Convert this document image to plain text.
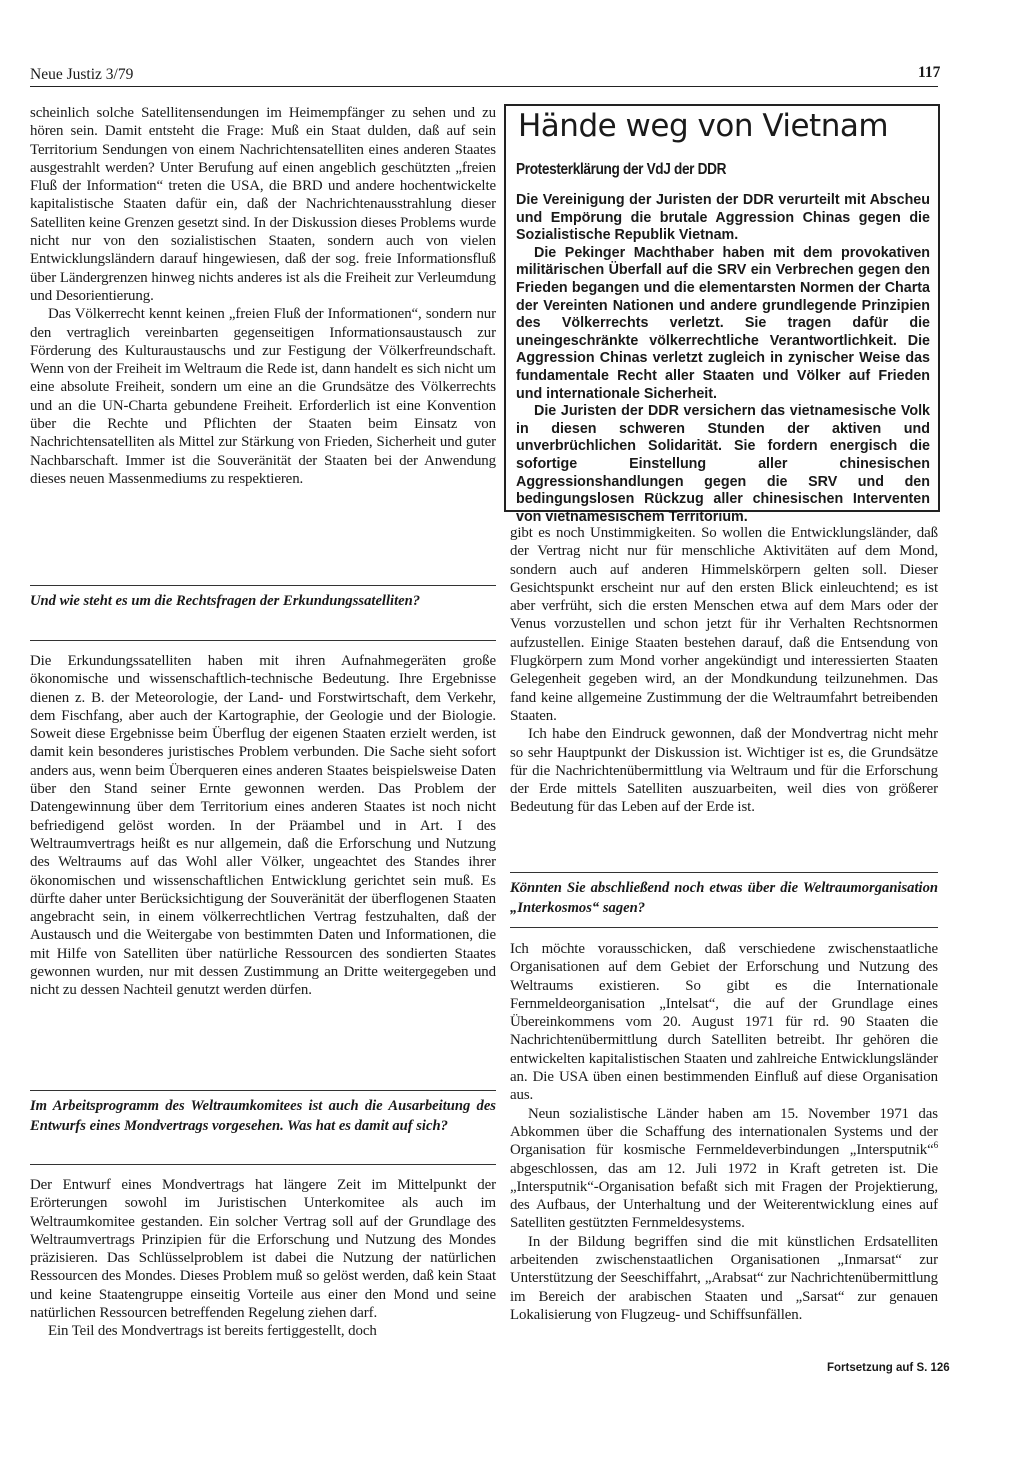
Neue Justiz 3/79	117

scheinlich solche Satellitensendungen im Heimempfänger zu sehen und zu hören sein. Damit entsteht die Frage: Muß ein Staat dulden, daß auf sein Territorium Sendungen von einem Nachrichtensatelliten eines anderen Staates ausgestrahlt werden? Unter Berufung auf einen angeblich geschützten „freien Fluß der Information“ treten die USA, die BRD und andere hochentwickelte kapitalistische Staaten dafür ein, daß der Nachrichtenausstrahlung dieser Satelliten keine Grenzen gesetzt sind. In der Diskussion dieses Problems wurde nicht nur von den sozialistischen Staaten, sondern auch von vielen Entwicklungsländern darauf hingewiesen, daß der sog. freie Informationsfluß über Ländergrenzen hinweg nichts anderes ist als die Freiheit zur Verleumdung und Desorientierung.

Das Völkerrecht kennt keinen „freien Fluß der Informationen“, sondern nur den vertraglich vereinbarten gegenseitigen Informationsaustausch zur Förderung des Kulturaustauschs und zur Festigung der Völkerfreundschaft. Wenn von der Freiheit im Weltraum die Rede ist, dann handelt es sich nicht um eine absolute Freiheit, sondern um eine an die Grundsätze des Völkerrechts und an die UN-Charta gebundene Freiheit. Erforderlich ist eine Konvention über die Rechte und Pflichten der Staaten beim Einsatz von Nachrichtensatelliten als Mittel zur Stärkung von Frieden, Sicherheit und guter Nachbarschaft. Immer ist die Souveränität der Staaten bei der Anwendung dieses neuen Massenmediums zu respektieren.

Und wie steht es um die Rechtsfragen der Erkundungssatelliten?

Die Erkundungssatelliten haben mit ihren Aufnahmegeräten große ökonomische und wissenschaftlich-technische Bedeutung. Ihre Ergebnisse dienen z. B. der Meteorologie, der Land- und Forstwirtschaft, dem Verkehr, dem Fischfang, aber auch der Kartographie, der Geologie und der Biologie. Soweit diese Ergebnisse beim Überflug der eigenen Staaten erzielt werden, ist damit kein besonderes juristisches Problem verbunden. Die Sache sieht sofort anders aus, wenn beim Überqueren eines anderen Staates beispielsweise Daten über den Stand seiner Ernte gewonnen werden. Das Problem der Datengewinnung über dem Territorium eines anderen Staates ist noch nicht befriedigend gelöst worden. In der Präambel und in Art. I des Weltraumvertrags heißt es nur allgemein, daß die Erforschung und Nutzung des Weltraums auf das Wohl aller Völker, ungeachtet des Standes ihrer ökonomischen und wissenschaftlichen Entwicklung gerichtet sein muß. Es dürfte daher unter Berücksichtigung der Souveränität der überflogenen Staaten angebracht sein, in einem völkerrechtlichen Vertrag festzuhalten, daß der Austausch und die Weitergabe von bestimmten Daten und Informationen, die mit Hilfe von Satelliten über natürliche Ressourcen des sondierten Staates gewonnen wurden, nur mit dessen Zustimmung an Dritte weitergegeben und nicht zu dessen Nachteil genutzt werden dürfen.

Im Arbeitsprogramm des Weltraumkomitees ist auch die Ausarbeitung des Entwurfs eines Mondvertrags vorgesehen. Was hat es damit auf sich?

Der Entwurf eines Mondvertrags hat längere Zeit im Mittelpunkt der Erörterungen sowohl im Juristischen Unterkomitee als auch im Weltraumkomitee gestanden. Ein solcher Vertrag soll auf der Grundlage des Weltraumvertrags Prinzipien für die Erforschung und Nutzung des Mondes präzisieren. Das Schlüsselproblem ist dabei die Nutzung der natürlichen Ressourcen des Mondes. Dieses Problem muß so gelöst werden, daß kein Staat und keine Staatengruppe einseitig Vorteile aus einer den Mond und seine natürlichen Ressourcen betreffenden Regelung ziehen darf.

Ein Teil des Mondvertrags ist bereits fertiggestellt, doch

Hände weg von Vietnam
Protesterklärung der VdJ der DDR

Die Vereinigung der Juristen der DDR verurteilt mit Abscheu und Empörung die brutale Aggression Chinas gegen die Sozialistische Republik Vietnam.

Die Pekinger Machthaber haben mit dem provokativen militärischen Überfall auf die SRV ein Verbrechen gegen den Frieden begangen und die elementarsten Normen der Charta der Vereinten Nationen und andere grundlegende Prinzipien des Völkerrechts verletzt. Sie tragen dafür die uneingeschränkte völkerrechtliche Verantwortlichkeit. Die Aggression Chinas verletzt zugleich in zynischer Weise das fundamentale Recht aller Staaten und Völker auf Frieden und internationale Sicherheit.

Die Juristen der DDR versichern das vietnamesische Volk in diesen schweren Stunden der aktiven und unverbrüchlichen Solidarität. Sie fordern energisch die sofortige Einstellung aller chinesischen Aggressionshandlungen gegen die SRV und den bedingungslosen Rückzug aller chinesischen Interventen von vietnamesischem Territorium.

gibt es noch Unstimmigkeiten. So wollen die Entwicklungsländer, daß der Vertrag nicht nur für menschliche Aktivitäten auf dem Mond, sondern auch auf anderen Himmelskörpern gelten soll. Dieser Gesichtspunkt erscheint nur auf den ersten Blick einleuchtend; es ist aber verfrüht, sich die ersten Menschen etwa auf dem Mars oder der Venus vorzustellen und schon jetzt für ihr Verhalten Rechtsnormen aufzustellen. Einige Staaten bestehen darauf, daß die Entsendung von Flugkörpern zum Mond vorher angekündigt und interessierten Staaten Gelegenheit gegeben wird, an der Mondkundung teilzunehmen. Das fand keine allgemeine Zustimmung der die Weltraumfahrt betreibenden Staaten.

Ich habe den Eindruck gewonnen, daß der Mondvertrag nicht mehr so sehr Hauptpunkt der Diskussion ist. Wichtiger ist es, die Grundsätze für die Nachrichtenübermittlung via Weltraum und für die Erforschung der Erde mittels Satelliten auszuarbeiten, weil dies von größerer Bedeutung für das Leben auf der Erde ist.

Könnten Sie abschließend noch etwas über die Weltraumorganisation „Interkosmos“ sagen?

Ich möchte vorausschicken, daß verschiedene zwischenstaatliche Organisationen auf dem Gebiet der Erforschung und Nutzung des Weltraums existieren. So gibt es die Internationale Fernmeldeorganisation „Intelsat“, die auf der Grundlage eines Übereinkommens vom 20. August 1971 für rd. 90 Staaten die Nachrichtenübermittlung durch Satelliten betreibt. Ihr gehören die entwickelten kapitalistischen Staaten und zahlreiche Entwicklungsländer an. Die USA üben einen bestimmenden Einfluß auf diese Organisation aus.

Neun sozialistische Länder haben am 15. November 1971 das Abkommen über die Schaffung des internationalen Systems und der Organisation für kosmische Fernmeldeverbindungen „Intersputnik“$^6$ abgeschlossen, das am 12. Juli 1972 in Kraft getreten ist. Die „Intersputnik“-Organisation befaßt sich mit Fragen der Projektierung, des Aufbaus, der Unterhaltung und der Weiterentwicklung eines auf Satelliten gestützten Fernmeldesystems.

In der Bildung begriffen sind die mit künstlichen Erdsatelliten arbeitenden zwischenstaatlichen Organisationen „Inmarsat“ zur Unterstützung der Seeschiffahrt, „Arabsat“ zur Nachrichtenübermittlung im Bereich der arabischen Staaten und „Sarsat“ zur genauen Lokalisierung von Flugzeug- und Schiffsunfällen.

Fortsetzung auf S. 126
